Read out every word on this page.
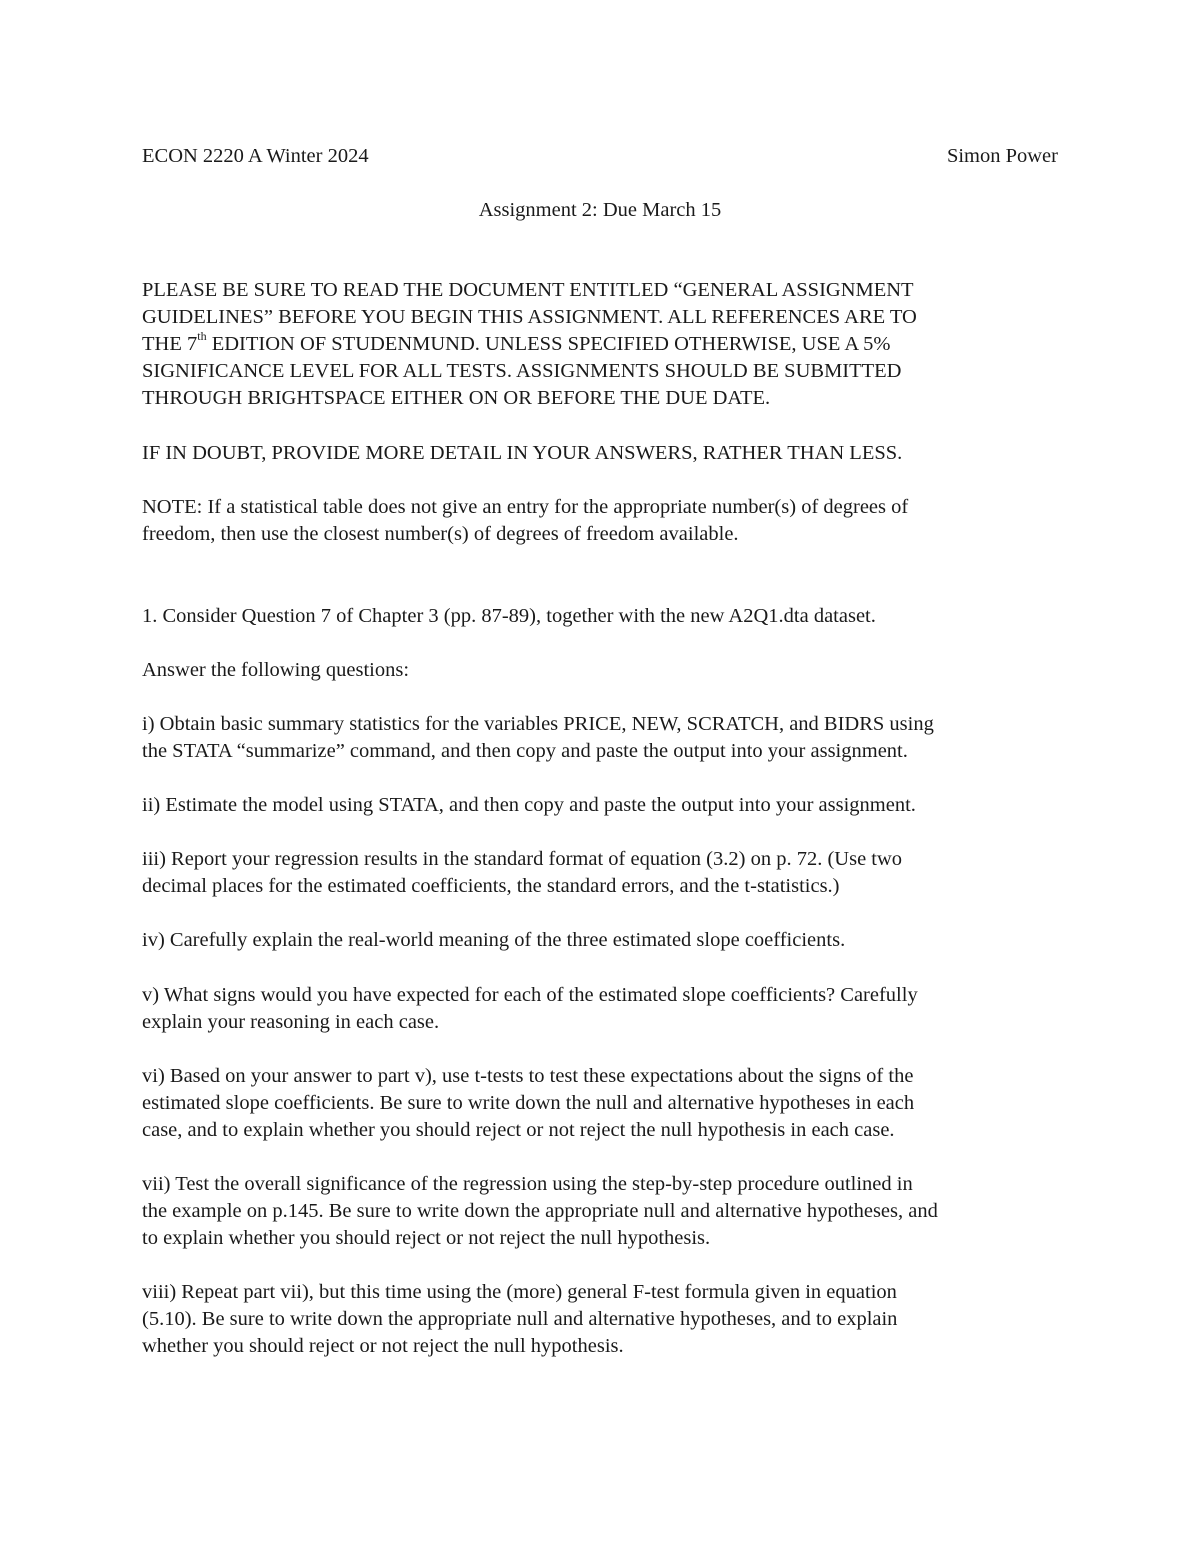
ECON 2220 A Winter 2024	Simon Power
Assignment 2: Due March 15
PLEASE BE SURE TO READ THE DOCUMENT ENTITLED “GENERAL ASSIGNMENT
GUIDELINES” BEFORE YOU BEGIN THIS ASSIGNMENT. ALL REFERENCES ARE TO
THE 7th EDITION OF STUDENMUND. UNLESS SPECIFIED OTHERWISE, USE A 5%
SIGNIFICANCE LEVEL FOR ALL TESTS. ASSIGNMENTS SHOULD BE SUBMITTED
THROUGH BRIGHTSPACE EITHER ON OR BEFORE THE DUE DATE.
IF IN DOUBT, PROVIDE MORE DETAIL IN YOUR ANSWERS, RATHER THAN LESS.
NOTE: If a statistical table does not give an entry for the appropriate number(s) of degrees of
freedom, then use the closest number(s) of degrees of freedom available.
1. Consider Question 7 of Chapter 3 (pp. 87-89), together with the new A2Q1.dta dataset.
Answer the following questions:
i) Obtain basic summary statistics for the variables PRICE, NEW, SCRATCH, and BIDRS using
the STATA “summarize” command, and then copy and paste the output into your assignment.
ii) Estimate the model using STATA, and then copy and paste the output into your assignment.
iii) Report your regression results in the standard format of equation (3.2) on p. 72. (Use two
decimal places for the estimated coefficients, the standard errors, and the t-statistics.)
iv) Carefully explain the real-world meaning of the three estimated slope coefficients.
v) What signs would you have expected for each of the estimated slope coefficients? Carefully
explain your reasoning in each case.
vi) Based on your answer to part v), use t-tests to test these expectations about the signs of the
estimated slope coefficients. Be sure to write down the null and alternative hypotheses in each
case, and to explain whether you should reject or not reject the null hypothesis in each case.
vii) Test the overall significance of the regression using the step-by-step procedure outlined in
the example on p.145. Be sure to write down the appropriate null and alternative hypotheses, and
to explain whether you should reject or not reject the null hypothesis.
viii) Repeat part vii), but this time using the (more) general F-test formula given in equation
(5.10). Be sure to write down the appropriate null and alternative hypotheses, and to explain
whether you should reject or not reject the null hypothesis.
